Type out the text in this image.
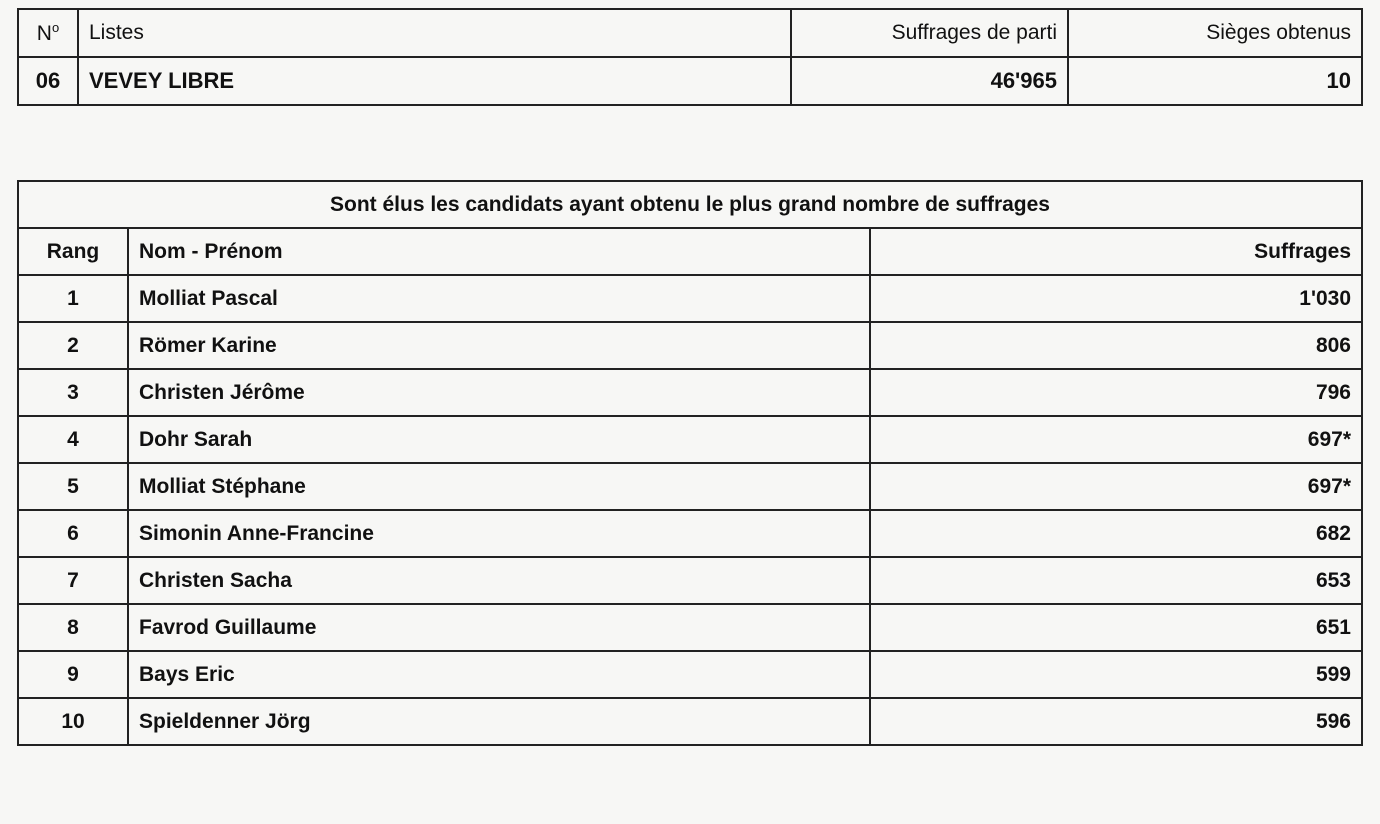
$N^o$	Listes	Suffrages de parti	Sièges obtenus
06	VEVEY LIBRE	46'965	10
Sont élus les candidats ayant obtenu le plus grand nombre de suffrages		
Rang	Nom - Prénom	Suffrages
1	Molliat Pascal	1'030
2	Römer Karine	806
3	Christen Jérôme	796
4	Dohr Sarah	697*
5	Molliat Stéphane	697*
6	Simonin Anne-Francine	682
7	Christen Sacha	653
8	Favrod Guillaume	651
9	Bays Eric	599
10	Spieldenner Jörg	596
